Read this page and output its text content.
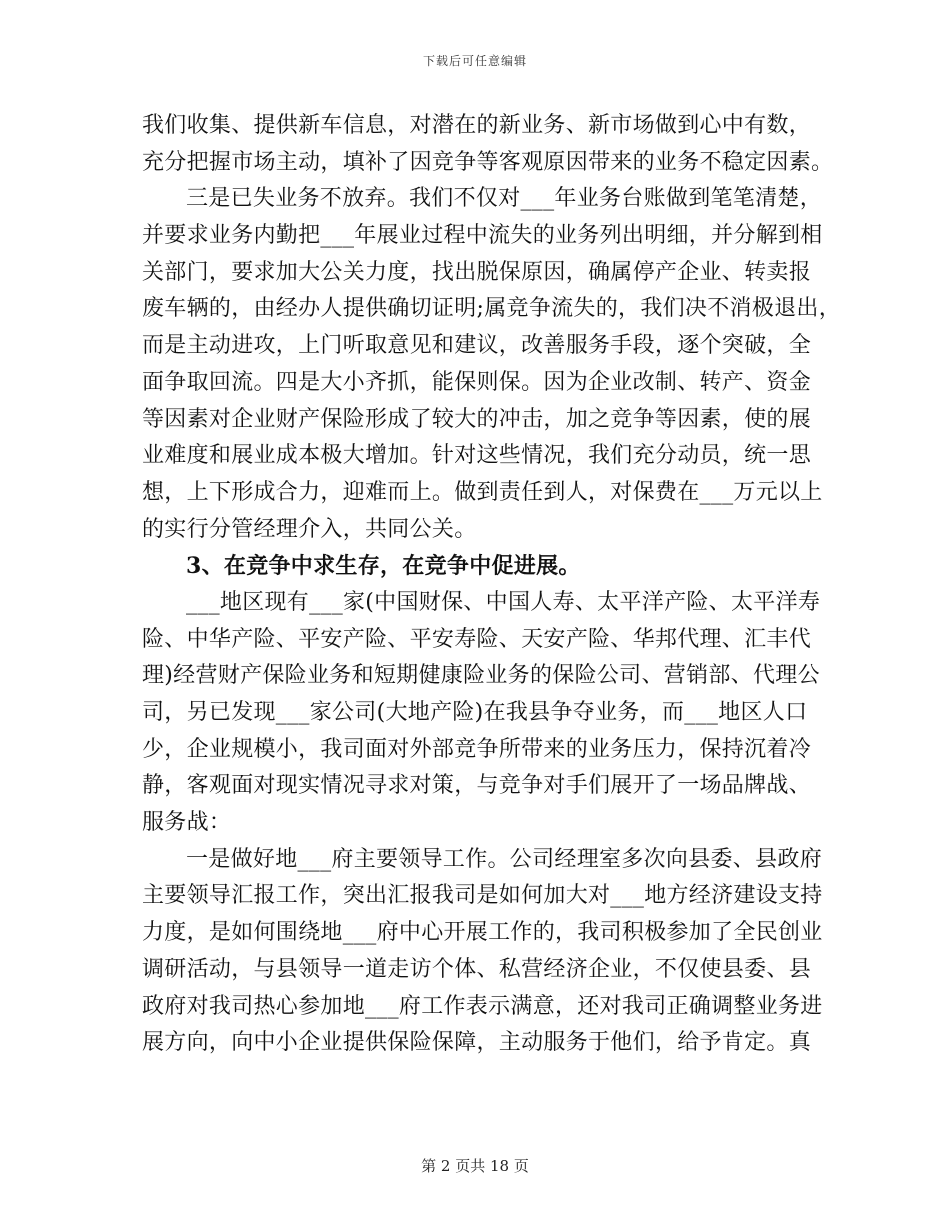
下载后可任意编辑
我们收集、提供新车信息，对潜在的新业务、新市场做到心中有数，
充分把握市场主动，填补了因竞争等客观原因带来的业务不稳定因素。
三是已失业务不放弃。我们不仅对___年业务台账做到笔笔清楚，
并要求业务内勤把___年展业过程中流失的业务列出明细，并分解到相
关部门，要求加大公关力度，找出脱保原因，确属停产企业、转卖报
废车辆的，由经办人提供确切证明;属竞争流失的，我们决不消极退出，
而是主动进攻，上门听取意见和建议，改善服务手段，逐个突破，全
面争取回流。四是大小齐抓，能保则保。因为企业改制、转产、资金
等因素对企业财产保险形成了较大的冲击，加之竞争等因素，使的展
业难度和展业成本极大增加。针对这些情况，我们充分动员，统一思
想，上下形成合力，迎难而上。做到责任到人，对保费在___万元以上
的实行分管经理介入，共同公关。
3、在竞争中求生存，在竞争中促进展。
___地区现有___家(中国财保、中国人寿、太平洋产险、太平洋寿
险、中华产险、平安产险、平安寿险、天安产险、华邦代理、汇丰代
理)经营财产保险业务和短期健康险业务的保险公司、营销部、代理公
司，另已发现___家公司(大地产险)在我县争夺业务，而___地区人口
少，企业规模小，我司面对外部竞争所带来的业务压力，保持沉着冷
静，客观面对现实情况寻求对策，与竞争对手们展开了一场品牌战、
服务战：
一是做好地___府主要领导工作。公司经理室多次向县委、县政府
主要领导汇报工作，突出汇报我司是如何加大对___地方经济建设支持
力度，是如何围绕地___府中心开展工作的，我司积极参加了全民创业
调研活动，与县领导一道走访个体、私营经济企业，不仅使县委、县
政府对我司热心参加地___府工作表示满意，还对我司正确调整业务进
展方向，向中小企业提供保险保障，主动服务于他们，给予肯定。真
第 2 页共 18 页
